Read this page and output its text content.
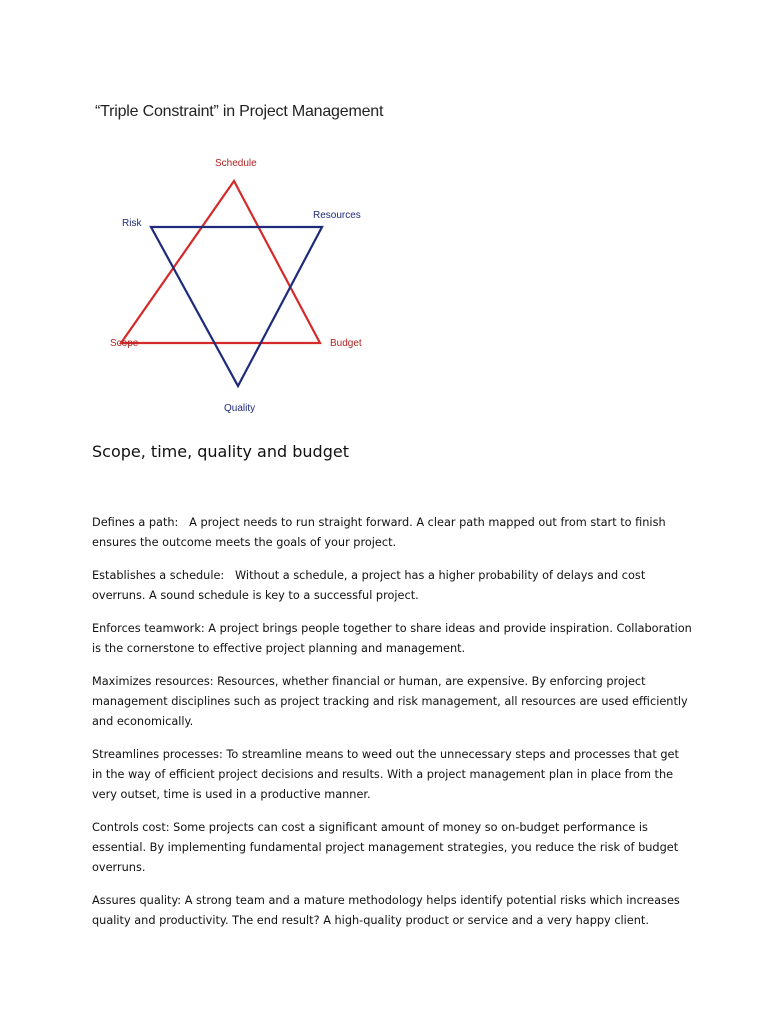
Schedule
Resources
Risk
Scope	Budget
Quality
“Triple Constraint” in Project Management
Scope, time, quality and budget

Defines a path:   A project needs to run straight forward. A clear path mapped out from start to finish ensures the outcome meets the goals of your project.

Establishes a schedule:   Without a schedule, a project has a higher probability of delays and cost overruns. A sound schedule is key to a successful project.

Enforces teamwork: A project brings people together to share ideas and provide inspiration. Collaboration is the cornerstone to effective project planning and management.

Maximizes resources: Resources, whether financial or human, are expensive. By enforcing project management disciplines such as project tracking and risk management, all resources are used efficiently and economically.

Streamlines processes: To streamline means to weed out the unnecessary steps and processes that get in the way of efficient project decisions and results. With a project management plan in place from the very outset, time is used in a productive manner.

Controls cost: Some projects can cost a significant amount of money so on-budget performance is essential. By implementing fundamental project management strategies, you reduce the risk of budget overruns.

Assures quality: A strong team and a mature methodology helps identify potential risks which increases quality and productivity. The end result? A high-quality product or service and a very happy client.
